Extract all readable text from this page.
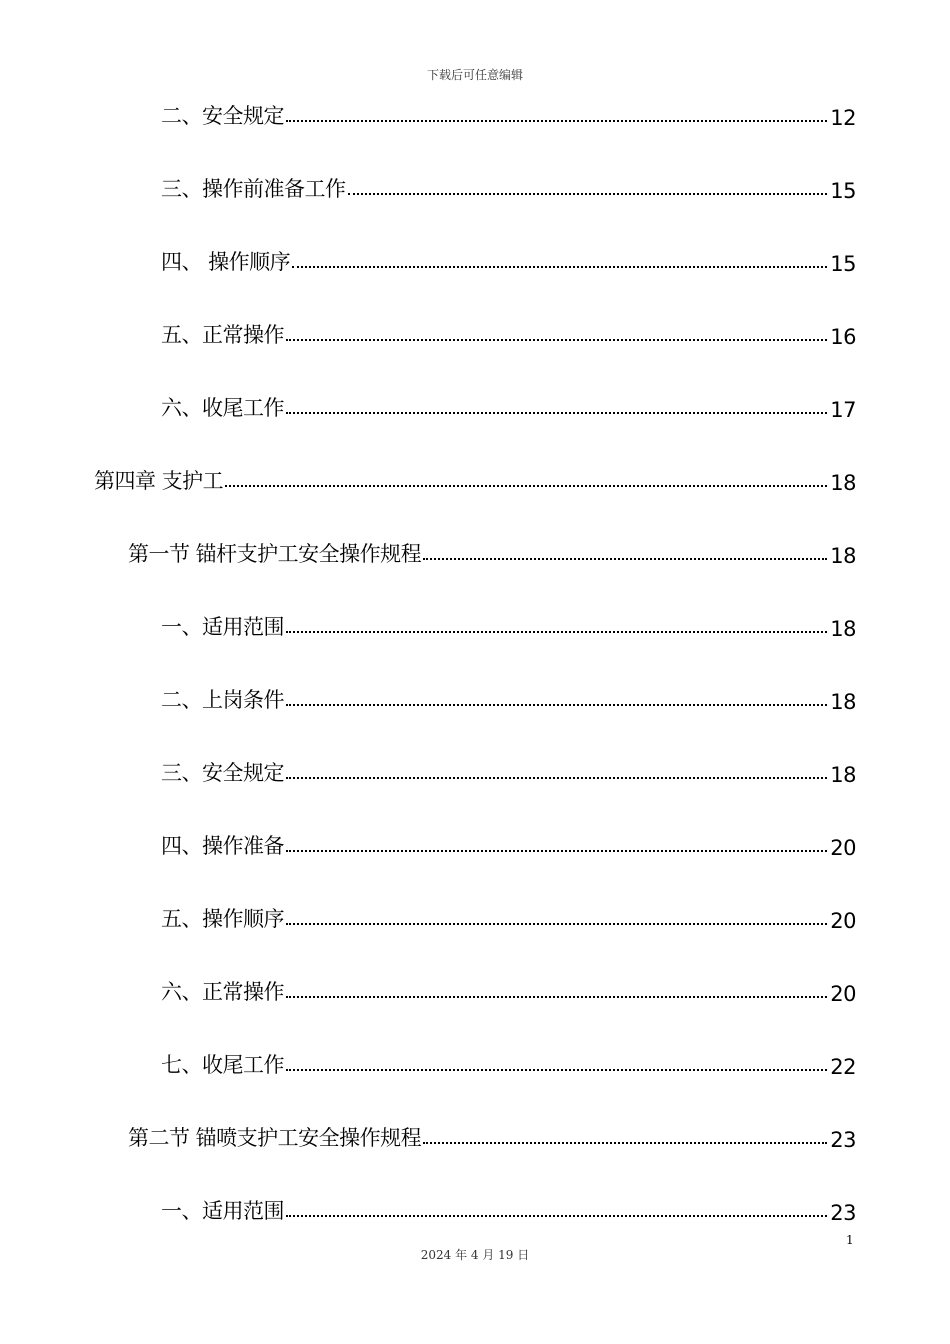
下载后可任意编辑
二、安全规定	12
三、操作前准备工作	15
四、 操作顺序	15
五、正常操作	16
六、收尾工作	17
第四章 支护工	18
第一节 锚杆支护工安全操作规程	18
一、适用范围	18
二、上岗条件	18
三、安全规定	18
四、操作准备	20
五、操作顺序	20
六、正常操作	20
七、收尾工作	22
第二节 锚喷支护工安全操作规程	23
一、适用范围	23
1
2024 年 4 月 19 日
